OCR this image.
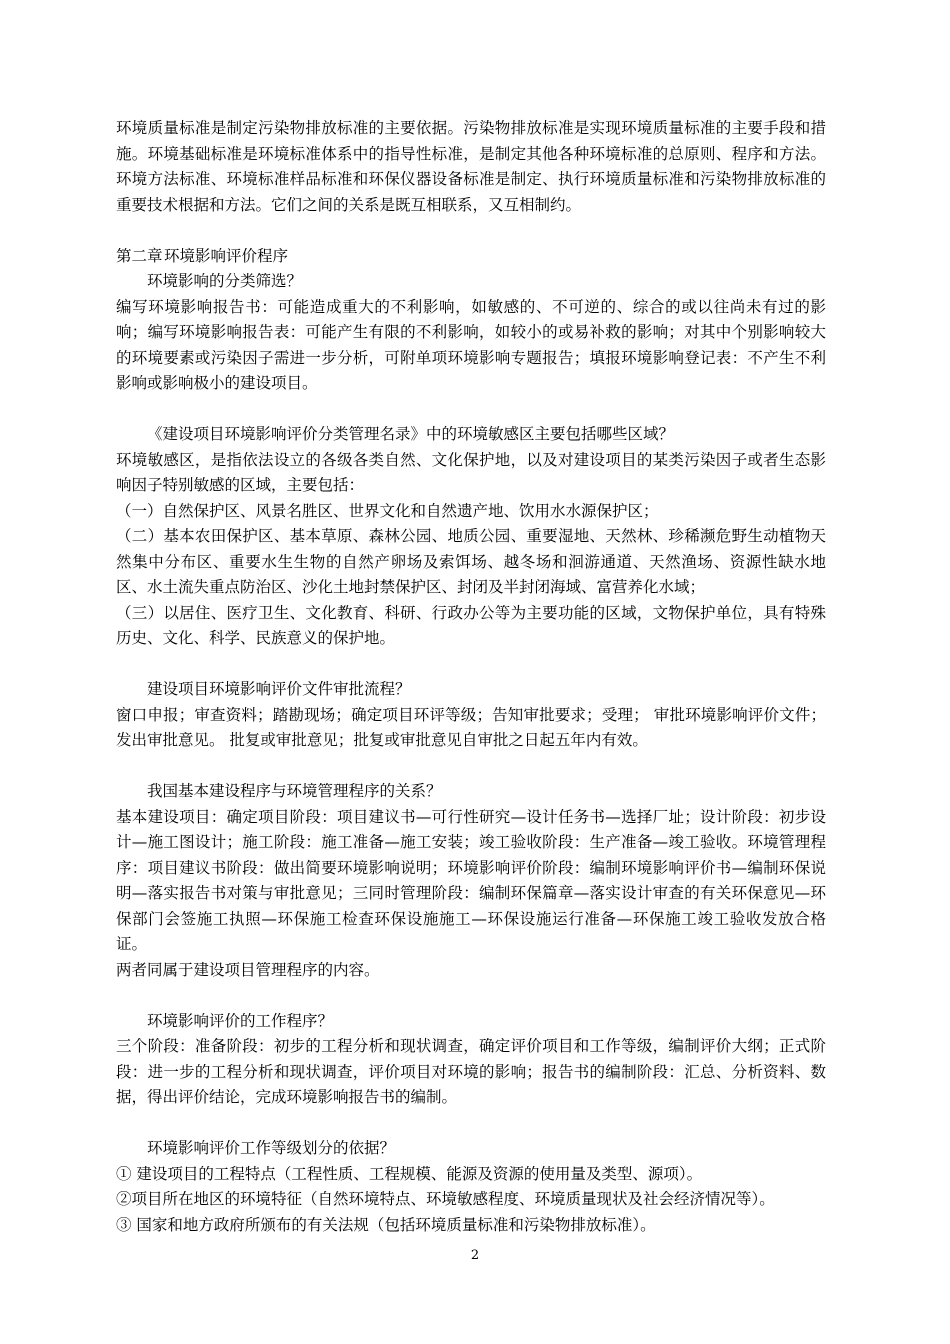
环境质量标准是制定污染物排放标准的主要依据。污染物排放标准是实现环境质量标准的主要手段和措施。环境基础标准是环境标准体系中的指导性标准，是制定其他各种环境标准的总原则、程序和方法。环境方法标准、环境标准样品标准和环保仪器设备标准是制定、执行环境质量标准和污染物排放标准的重要技术根据和方法。它们之间的关系是既互相联系，又互相制约。

第二章环境影响评价程序

环境影响的分类筛选？

编写环境影响报告书：可能造成重大的不利影响，如敏感的、不可逆的、综合的或以往尚未有过的影响；编写环境影响报告表：可能产生有限的不利影响，如较小的或易补救的影响；对其中个别影响较大的环境要素或污染因子需进一步分析，可附单项环境影响专题报告；填报环境影响登记表：不产生不利影响或影响极小的建设项目。

《建设项目环境影响评价分类管理名录》中的环境敏感区主要包括哪些区域？

环境敏感区，是指依法设立的各级各类自然、文化保护地，以及对建设项目的某类污染因子或者生态影响因子特别敏感的区域，主要包括：

（一）自然保护区、风景名胜区、世界文化和自然遗产地、饮用水水源保护区；

（二）基本农田保护区、基本草原、森林公园、地质公园、重要湿地、天然林、珍稀濒危野生动植物天然集中分布区、重要水生生物的自然产卵场及索饵场、越冬场和洄游通道、天然渔场、资源性缺水地区、水土流失重点防治区、沙化土地封禁保护区、封闭及半封闭海域、富营养化水域；

（三）以居住、医疗卫生、文化教育、科研、行政办公等为主要功能的区域，文物保护单位，具有特殊历史、文化、科学、民族意义的保护地。

建设项目环境影响评价文件审批流程？

窗口申报；审查资料；踏勘现场；确定项目环评等级；告知审批要求；受理； 审批环境影响评价文件；发出审批意见。 批复或审批意见；批复或审批意见自审批之日起五年内有效。

我国基本建设程序与环境管理程序的关系？

基本建设项目：确定项目阶段：项目建议书—可行性研究—设计任务书—选择厂址；设计阶段：初步设计—施工图设计；施工阶段：施工准备—施工安装；竣工验收阶段：生产准备—竣工验收。环境管理程序：项目建议书阶段：做出简要环境影响说明；环境影响评价阶段：编制环境影响评价书—编制环保说明—落实报告书对策与审批意见；三同时管理阶段：编制环保篇章—落实设计审查的有关环保意见—环保部门会签施工执照—环保施工检查环保设施施工—环保设施运行准备—环保施工竣工验收发放合格证。

两者同属于建设项目管理程序的内容。

环境影响评价的工作程序？

三个阶段：准备阶段：初步的工程分析和现状调查，确定评价项目和工作等级，编制评价大纲；正式阶段：进一步的工程分析和现状调查，评价项目对环境的影响；报告书的编制阶段：汇总、分析资料、数据，得出评价结论，完成环境影响报告书的编制。

环境影响评价工作等级划分的依据？

① 建设项目的工程特点（工程性质、工程规模、能源及资源的使用量及类型、源项）。

②项目所在地区的环境特征（自然环境特点、环境敏感程度、环境质量现状及社会经济情况等）。

③ 国家和地方政府所颁布的有关法规（包括环境质量标准和污染物排放标准）。

2
